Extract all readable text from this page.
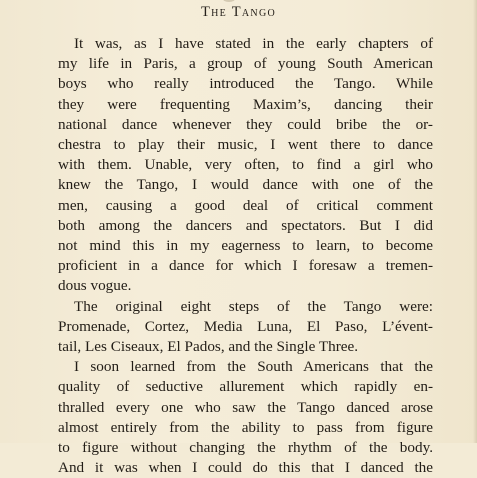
The Tango

It was, as I have stated in the early chapters of

my life in Paris, a group of young South American

boys who really introduced the Tango. While

they were frequenting Maxim’s, dancing their

national dance whenever they could bribe the or-

chestra to play their music, I went there to dance

with them. Unable, very often, to find a girl who

knew the Tango, I would dance with one of the

men, causing a good deal of critical comment

both among the dancers and spectators. But I did

not mind this in my eagerness to learn, to become

proficient in a dance for which I foresaw a tremen-

dous vogue.

The original eight steps of the Tango were:

Promenade, Cortez, Media Luna, El Paso, L’évent-

tail, Les Ciseaux, El Pados, and the Single Three.

I soon learned from the South Americans that the

quality of seductive allurement which rapidly en-

thralled every one who saw the Tango danced arose

almost entirely from the ability to pass from figure

to figure without changing the rhythm of the body.

And it was when I could do this that I danced the
